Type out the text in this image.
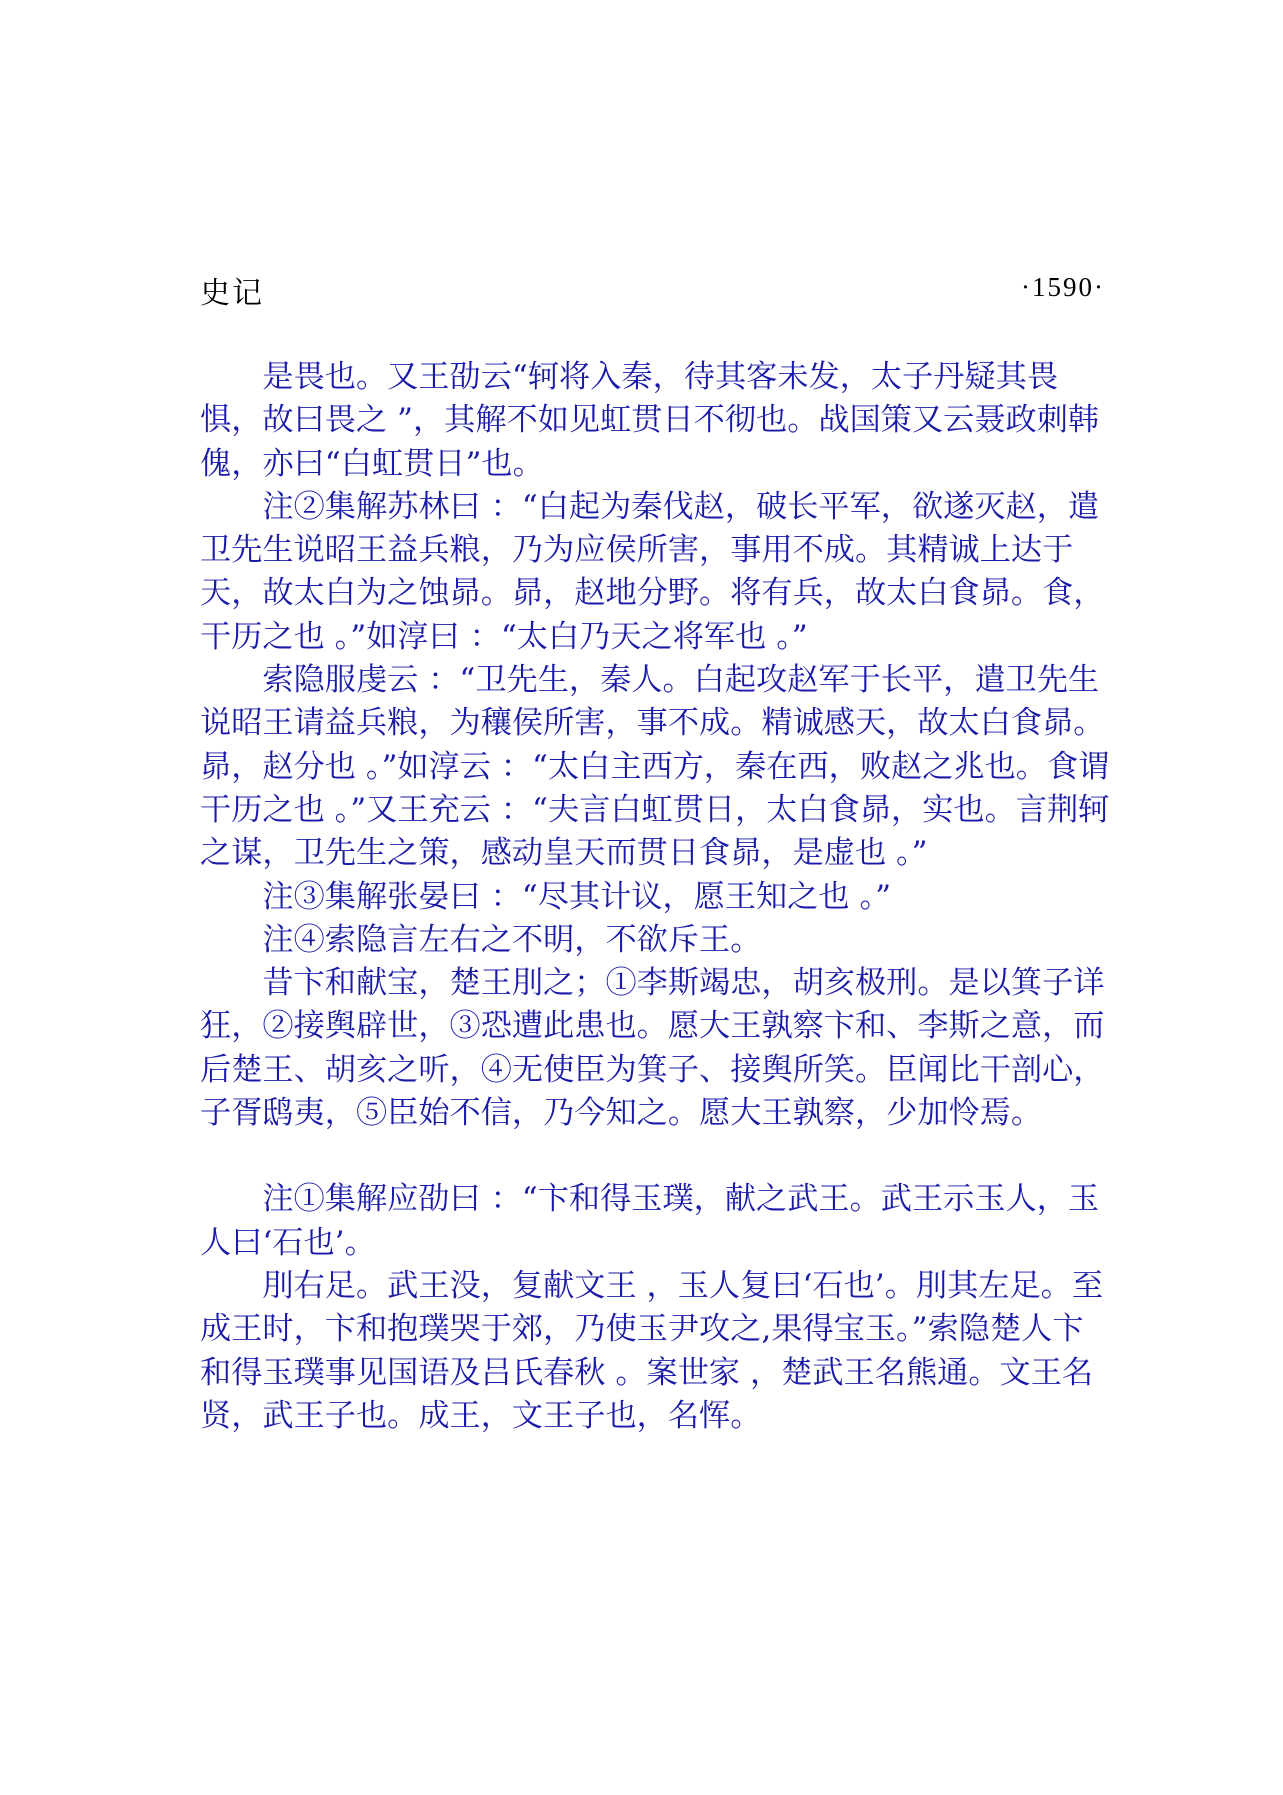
史记	·1590·

是畏也。又王劭云“轲将入秦，待其客未发，太子丹疑其畏惧，故曰畏之 ”，其解不如见虹贯日不彻也。战国策又云聂政刺韩傀，亦曰“白虹贯日”也。

注②集解苏林曰 ：“白起为秦伐赵，破长平军，欲遂灭赵，遣卫先生说昭王益兵粮，乃为应侯所害，事用不成。其精诚上达于天，故太白为之蚀昴。昴，赵地分野。将有兵，故太白食昴。食，干历之也 。”如淳曰 ：“太白乃天之将军也 。”

索隐服虔云 ：“卫先生，秦人。白起攻赵军于长平，遣卫先生说昭王请益兵粮，为穰侯所害，事不成。精诚感天，故太白食昴。昴，赵分也 。”如淳云 ：“太白主西方，秦在西，败赵之兆也。食谓干历之也 。”又王充云 ：“夫言白虹贯日，太白食昴，实也。言荆轲之谋，卫先生之策，感动皇天而贯日食昴，是虚也 。”

注③集解张晏曰 ：“尽其计议，愿王知之也 。”

注④索隐言左右之不明，不欲斥王。

昔卞和献宝，楚王刖之；①李斯竭忠，胡亥极刑。是以箕子详狂，②接舆辟世，③恐遭此患也。愿大王孰察卞和、李斯之意，而后楚王、胡亥之听，④无使臣为箕子、接舆所笑。臣闻比干剖心，子胥鸱夷，⑤臣始不信，乃今知之。愿大王孰察，少加怜焉。

注①集解应劭曰 ：“卞和得玉璞，献之武王。武王示玉人，玉人曰‘石也’。

刖右足。武王没，复献文王 ，玉人复曰‘石也’。刖其左足。至成王时，卞和抱璞哭于郊，乃使玉尹攻之,果得宝玉。”索隐楚人卞和得玉璞事见国语及吕氏春秋 。案世家 ，楚武王名熊通。文王名贤，武王子也。成王，文王子也，名恽。
